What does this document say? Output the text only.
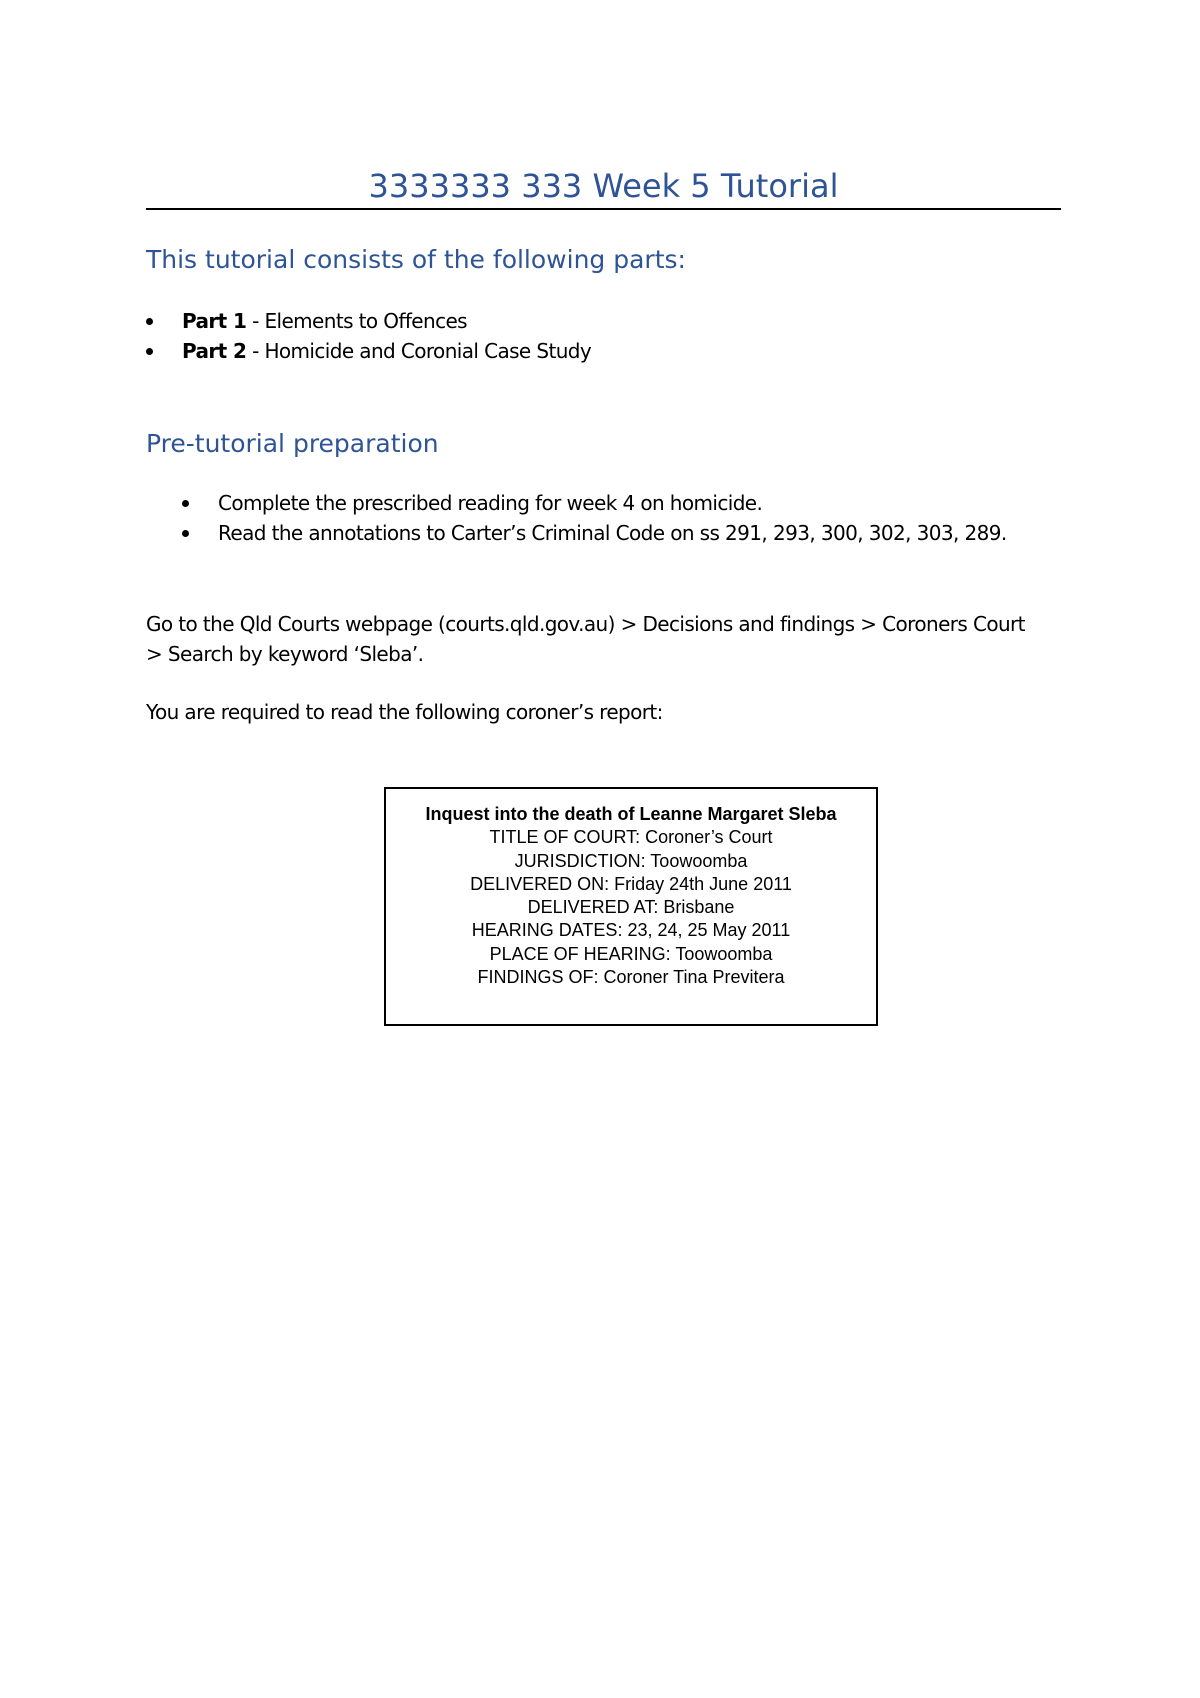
3333333 333 Week 5 Tutorial
This tutorial consists of the following parts:
Part 1 - Elements to Offences
Part 2 - Homicide and Coronial Case Study
Pre-tutorial preparation
Complete the prescribed reading for week 4 on homicide.
Read the annotations to Carter’s Criminal Code on ss 291, 293, 300, 302, 303, 289.

Go to the Qld Courts webpage (courts.qld.gov.au) > Decisions and findings > Coroners Court
> Search by keyword ‘Sleba’.

You are required to read the following coroner’s report:

Inquest into the death of Leanne Margaret Sleba
TITLE OF COURT: Coroner’s Court
JURISDICTION: Toowoomba
DELIVERED ON: Friday 24th June 2011
DELIVERED AT: Brisbane
HEARING DATES: 23, 24, 25 May 2011
PLACE OF HEARING: Toowoomba
FINDINGS OF: Coroner Tina Previtera
